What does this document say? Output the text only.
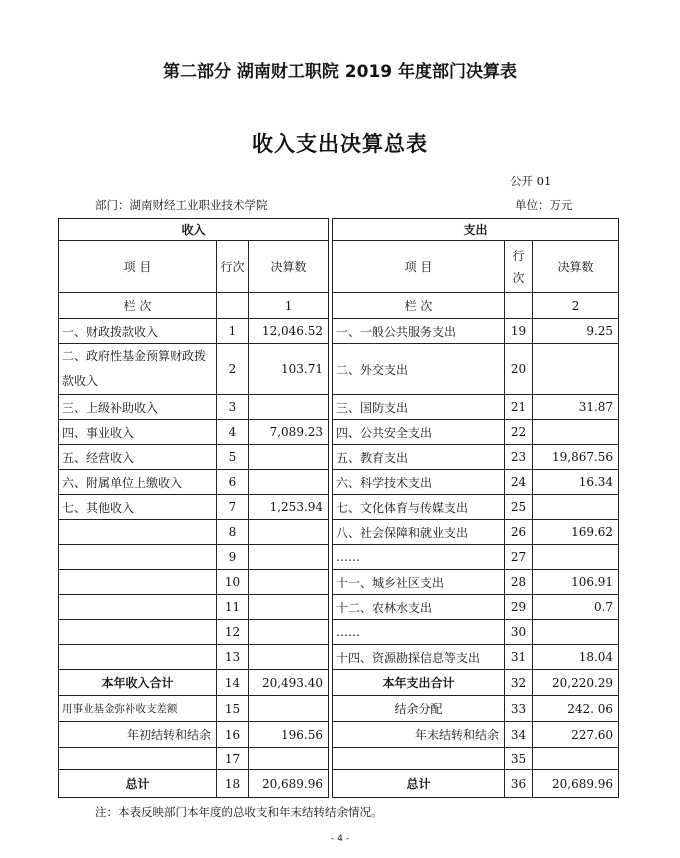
第二部分 湖南财工职院 2019 年度部门决算表
收入支出决算总表
公开 01
部门：湖南财经工业职业技术学院	单位：万元
收入				支出		
项 目	行次	决算数		项 目	行次	决算数
栏 次		1		栏 次		2
一、财政拨款收入	1	12,046.52		一、一般公共服务支出	19	9.25
二、政府性基金预算财政拨款收入	2	103.71		二、外交支出	20	
三、上级补助收入	3			三、国防支出	21	31.87
四、事业收入	4	7,089.23		四、公共安全支出	22	
五、经营收入	5			五、教育支出	23	19,867.56
六、附属单位上缴收入	6			六、科学技术支出	24	16.34
七、其他收入	7	1,253.94		七、文化体育与传媒支出	25	
	8			八、社会保障和就业支出	26	169.62
	9			……	27	
	10			十一、城乡社区支出	28	106.91
	11			十二、农林水支出	29	0.7
	12			……	30	
	13			十四、资源勘探信息等支出	31	18.04
本年收入合计	14	20,493.40		本年支出合计	32	20,220.29
用事业基金弥补收支差额	15			结余分配	33	242. 06
年初结转和结余	16	196.56		年末结转和结余	34	227.60
	17				35	
总计	18	20,689.96		总计	36	20,689.96
注：本表反映部门本年度的总收支和年末结转结余情况。
- 4 -
